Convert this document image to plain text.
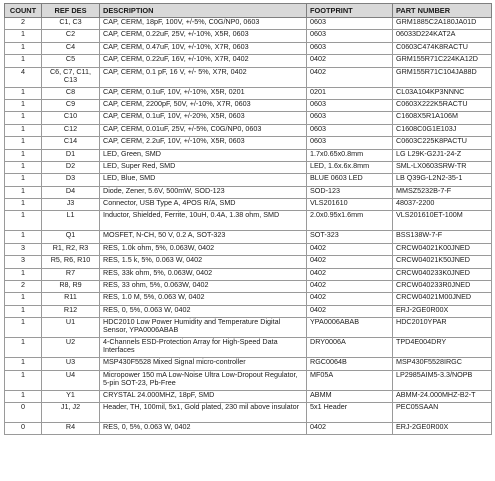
COUNT	REF DES	DESCRIPTION	FOOTPRINT	PART NUMBER
2	C1, C3	CAP, CERM, 18pF, 100V, +/-5%, C0G/NP0, 0603	0603	GRM1885C2A180JA01D
1	C2	CAP, CERM, 0.22uF, 25V, +/-10%, X5R, 0603	0603	06033D224KAT2A
1	C4	CAP, CERM, 0.47uF, 10V, +/-10%, X7R, 0603	0603	C0603C474K8RACTU
1	C5	CAP, CERM, 0.22uF, 16V, +/-10%, X7R, 0402	0402	GRM155R71C224KA12D
4	C6, C7, C11, C13	CAP, CERM, 0.1 pF, 16 V, +/- 5%, X7R, 0402	0402	GRM155R71C104JA88D
1	C8	CAP, CERM, 0.1uF, 10V, +/-10%, X5R, 0201	0201	CL03A104KP3NNNC
1	C9	CAP, CERM, 2200pF, 50V, +/-10%, X7R, 0603	0603	C0603X222K5RACTU
1	C10	CAP, CERM, 0.1uF, 10V, +/-20%, X5R, 0603	0603	C1608X5R1A106M
1	C12	CAP, CERM, 0.01uF, 25V, +/-5%, C0G/NP0, 0603	0603	C1608C0G1E103J
1	C14	CAP, CERM, 2.2uF, 10V, +/-10%, X5R, 0603	0603	C0603C225K8PACTU
1	D1	LED, Green, SMD	1.7x0.65x0.8mm	LG L29K-G2J1-24-Z
1	D2	LED, Super Red, SMD	LED, 1.6x.6x.8mm	SML-LX0603SRW-TR
1	D3	LED, Blue, SMD	BLUE 0603 LED	LB Q39G-L2N2-35-1
1	D4	Diode, Zener, 5.6V, 500mW, SOD-123	SOD-123	MMSZ5232B-7-F
1	J3	Connector, USB Type A, 4POS R/A, SMD	VLS201610	48037-2200
1	L1	Inductor, Shielded, Ferrite, 10uH, 0.4A, 1.38 ohm, SMD	2.0x0.95x1.6mm	VLS201610ET-100M
1	Q1	MOSFET, N-CH, 50 V, 0.2 A, SOT-323	SOT-323	BSS138W-7-F
3	R1, R2, R3	RES, 1.0k ohm, 5%, 0.063W, 0402	0402	CRCW04021K00JNED
3	R5, R6, R10	RES, 1.5 k, 5%, 0.063 W, 0402	0402	CRCW04021K50JNED
1	R7	RES, 33k ohm, 5%, 0.063W, 0402	0402	CRCW040233K0JNED
2	R8, R9	RES, 33 ohm, 5%, 0.063W, 0402	0402	CRCW040233R0JNED
1	R11	RES, 1.0 M, 5%, 0.063 W, 0402	0402	CRCW04021M00JNED
1	R12	RES, 0, 5%, 0.063 W, 0402	0402	ERJ-2GE0R00X
1	U1	HDC2010 Low Power Humidity and Temperature Digital Sensor, YPA0006ABAB	YPA0006ABAB	HDC2010YPAR
1	U2	4-Channels ESD-Protection Array for High-Speed Data Interfaces	DRY0006A	TPD4E004DRY
1	U3	MSP430F5528 Mixed Signal micro-controller	RGC0064B	MSP430F5528IRGC
1	U4	Micropower 150 mA Low-Noise Ultra Low-Dropout Regulator, 5-pin SOT-23, Pb-Free	MF05A	LP2985AIM5-3.3/NOPB
1	Y1	CRYSTAL 24.000MHZ, 18pF, SMD	ABMM	ABMM-24.000MHZ-B2-T
0	J1, J2	Header, TH, 100mil, 5x1, Gold plated, 230 mil above insulator	5x1 Header	PEC05SAAN
0	R4	RES, 0, 5%, 0.063 W, 0402	0402	ERJ-2GE0R00X
